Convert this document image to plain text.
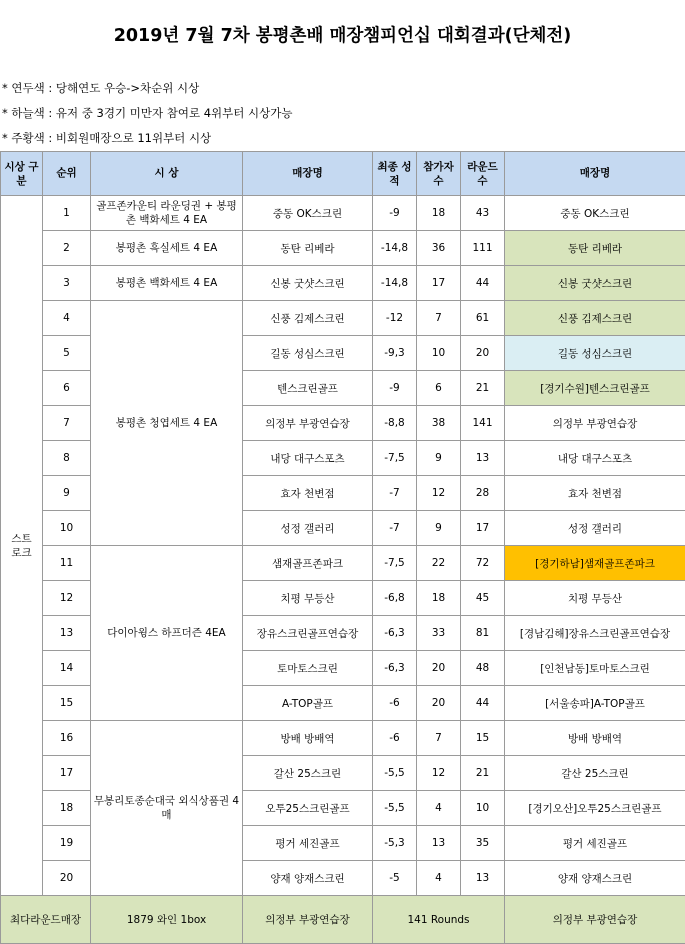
2019년 7월 7차 봉평촌배 매장챔피언십 대회결과(단체전)
* 연두색 : 당해연도 우승->차순위 시상
* 하늘색 : 유저 중 3경기 미만자 참여로 4위부터 시상가능
* 주황색 : 비회원매장으로 11위부터 시상
시상 구분	순위	시 상	매장명	최종 성적	참가자 수	라운드 수	매장명
스트로크	1	골프존카운티 라운딩권 + 봉평촌 백화세트 4 EA	중동 OK스크린	-9	18	43	중동 OK스크린
	2	봉평촌 흑실세트 4 EA	동탄 리베라	-14,8	36	111	동탄 리베라
	3	봉평촌 백화세트 4 EA	신봉 굿샷스크린	-14,8	17	44	신봉 굿샷스크린
	4	봉평촌 청엽세트 4 EA	신풍 김제스크린	-12	7	61	신풍 김제스크린
	5		길동 성심스크린	-9,3	10	20	길동 성심스크린
	6		텐스크린골프	-9	6	21	[경기수원]텐스크린골프
	7		의정부 부광연습장	-8,8	38	141	의정부 부광연습장
	8		내당 대구스포츠	-7,5	9	13	내당 대구스포츠
	9		효자 천변점	-7	12	28	효자 천변점
	10		성정 갤러리	-7	9	17	성정 갤러리
	11	다이아윙스 하프더즌 4EA	샘재골프존파크	-7,5	22	72	[경기하남]샘재골프존파크
	12		치평 무등산	-6,8	18	45	치평 무등산
	13		장유스크린골프연습장	-6,3	33	81	[경남김해]장유스크린골프연습장
	14		토마토스크린	-6,3	20	48	[인천남동]토마토스크린
	15		A-TOP골프	-6	20	44	[서울송파]A-TOP골프
	16	무봉리토종순대국 외식상품권 4매	방배 방배역	-6	7	15	방배 방배역
	17		갈산 25스크린	-5,5	12	21	갈산 25스크린
	18		오투25스크린골프	-5,5	4	10	[경기오산]오투25스크린골프
	19		평거 세진골프	-5,3	13	35	평거 세진골프
	20		양재 양재스크린	-5	4	13	양재 양재스크린
최다라운드매장		1879 와인 1box	의정부 부광연습장	141 Rounds			의정부 부광연습장
